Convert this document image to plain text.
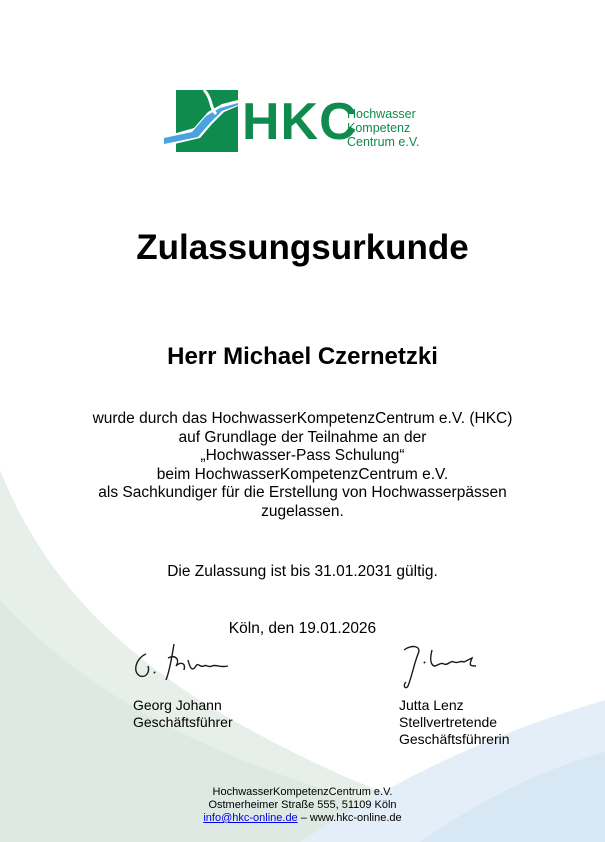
HKC
Hochwasser
Kompetenz
Centrum e.V.
Zulassungsurkunde
Herr Michael Czernetzki
wurde durch das HochwasserKompetenzCentrum e.V. (HKC)
auf Grundlage der Teilnahme an der
„Hochwasser-Pass Schulung“
beim HochwasserKompetenzCentrum e.V.
als Sachkundiger für die Erstellung von Hochwasserpässen
zugelassen.
Die Zulassung ist bis 31.01.2031 gültig.
Köln, den 19.01.2026
Georg Johann
Geschäftsführer
Jutta Lenz
Stellvertretende
Geschäftsführerin
HochwasserKompetenzCentrum e.V.
Ostmerheimer Straße 555, 51109 Köln
info@hkc-online.de – www.hkc-online.de
